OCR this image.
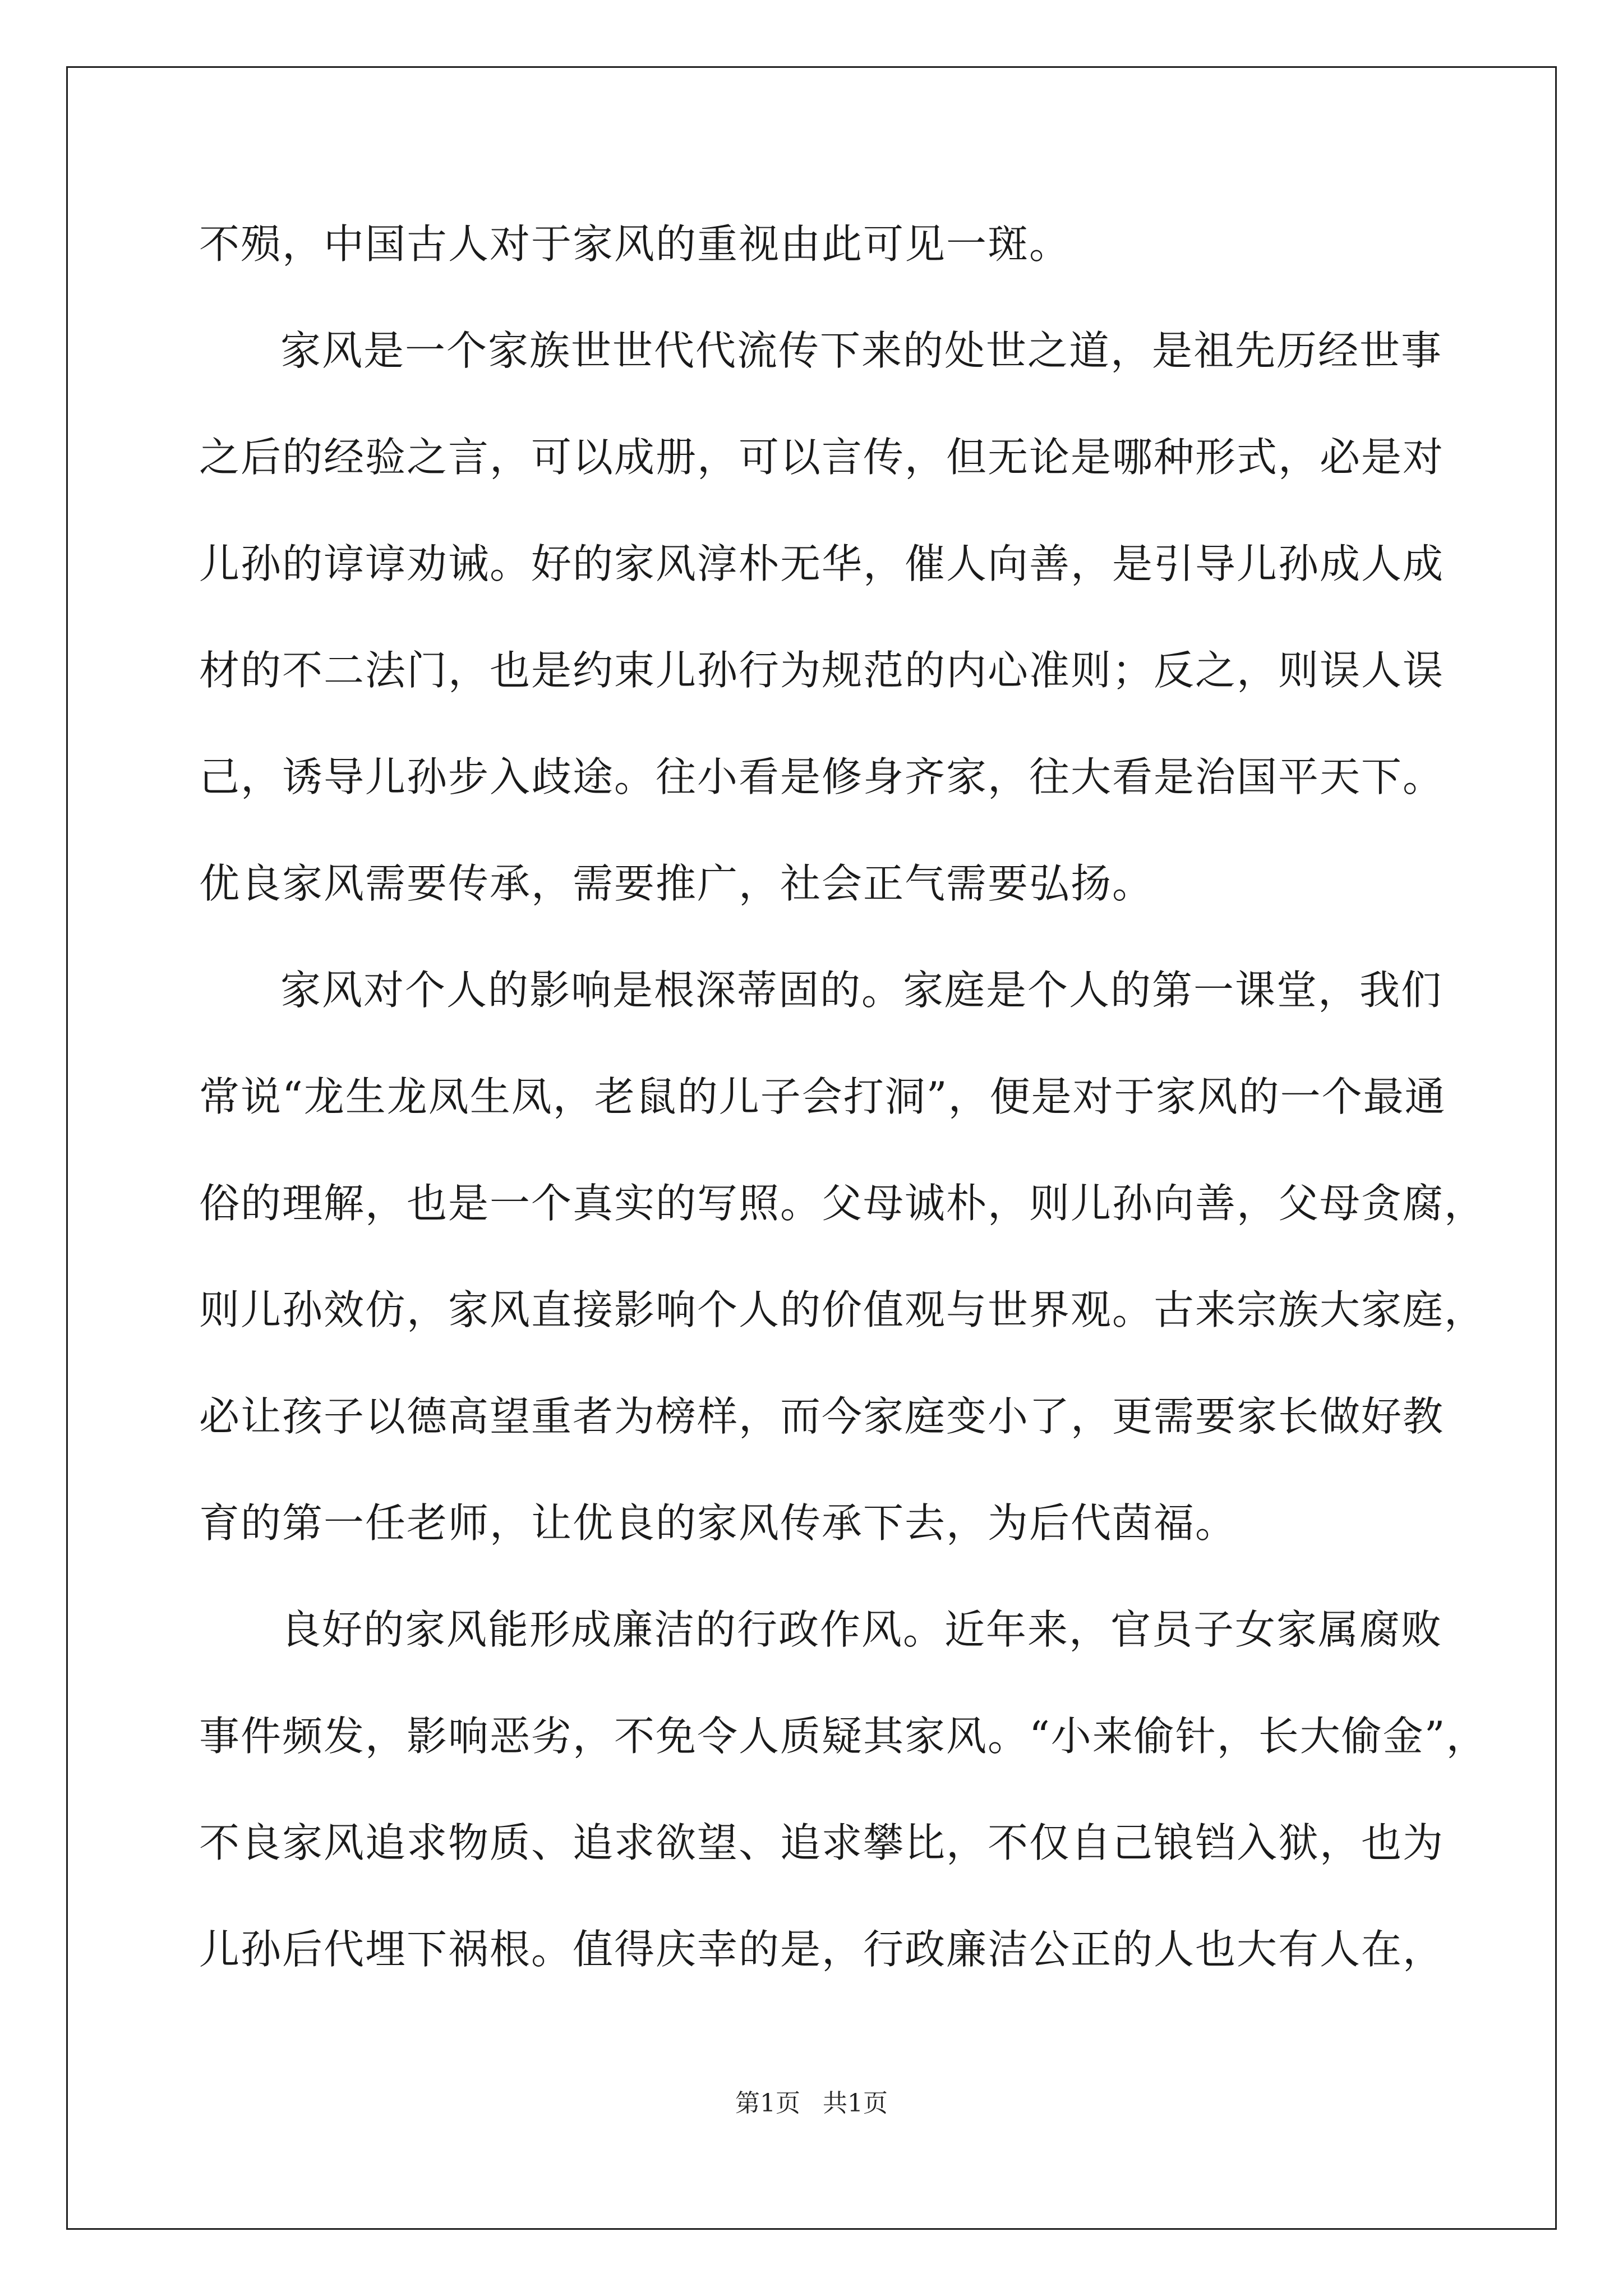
不殒，中国古人对于家风的重视由此可见一斑。
家风是一个家族世世代代流传下来的处世之道，是祖先历经世事
之后的经验之言，可以成册，可以言传，但无论是哪种形式，必是对
儿孙的谆谆劝诫。好的家风淳朴无华，催人向善，是引导儿孙成人成
材的不二法门，也是约束儿孙行为规范的内心准则；反之，则误人误
己，诱导儿孙步入歧途。往小看是修身齐家，往大看是治国平天下。
优良家风需要传承，需要推广，社会正气需要弘扬。
家风对个人的影响是根深蒂固的。家庭是个人的第一课堂，我们
常说“龙生龙凤生凤，老鼠的儿子会打洞”，便是对于家风的一个最通
俗的理解，也是一个真实的写照。父母诚朴，则儿孙向善，父母贪腐，
则儿孙效仿，家风直接影响个人的价值观与世界观。古来宗族大家庭，
必让孩子以德高望重者为榜样，而今家庭变小了，更需要家长做好教
育的第一任老师，让优良的家风传承下去，为后代茵福。
良好的家风能形成廉洁的行政作风。近年来，官员子女家属腐败
事件频发，影响恶劣，不免令人质疑其家风。“小来偷针，长大偷金”，
不良家风追求物质、追求欲望、追求攀比，不仅自己锒铛入狱，也为
儿孙后代埋下祸根。值得庆幸的是，行政廉洁公正的人也大有人在，
第1页 共1页
